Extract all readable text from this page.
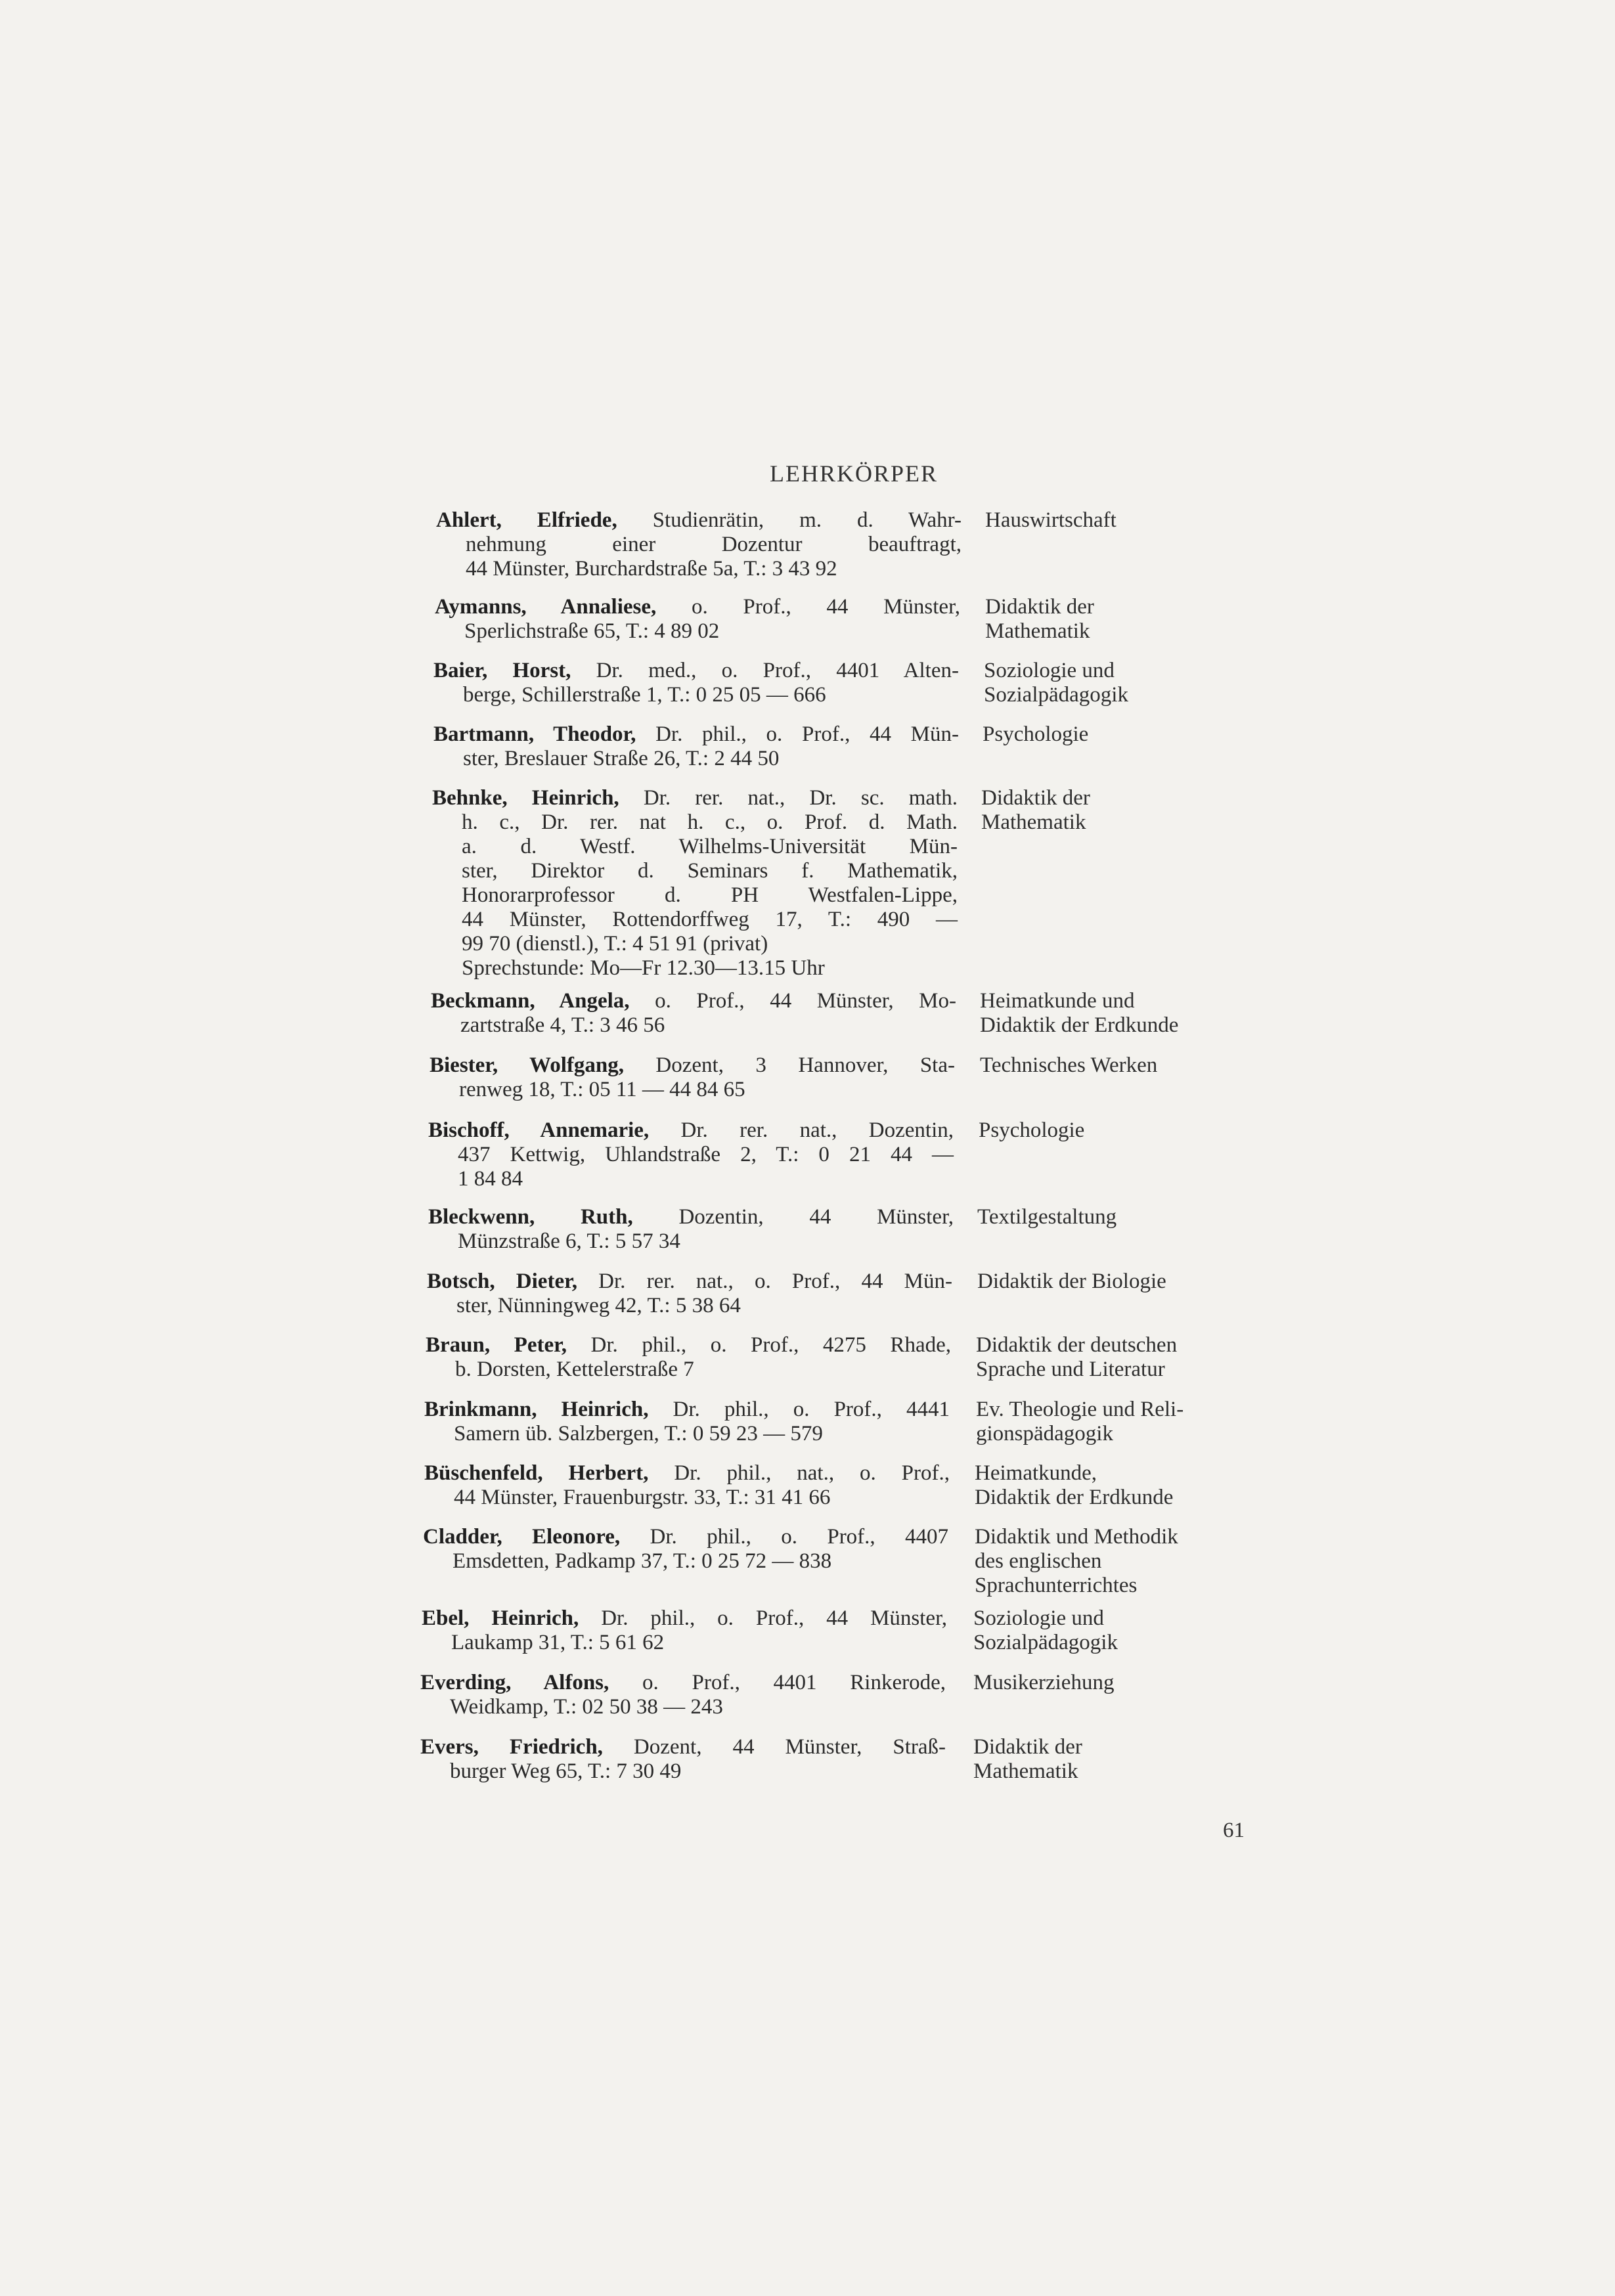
LEHRKÖRPER
Ahlert, Elfriede, Studienrätin, m. d. Wahr-
nehmung einer Dozentur beauftragt,
44 Münster, Burchardstraße 5a, T.: 3 43 92
Hauswirtschaft
Aymanns, Annaliese, o. Prof., 44 Münster,
Sperlichstraße 65, T.: 4 89 02
Didaktik der
Mathematik
Baier, Horst, Dr. med., o. Prof., 4401 Alten-
berge, Schillerstraße 1, T.: 0 25 05 — 666
Soziologie und
Sozialpädagogik
Bartmann, Theodor, Dr. phil., o. Prof., 44 Mün-
ster, Breslauer Straße 26, T.: 2 44 50
Psychologie
Behnke, Heinrich, Dr. rer. nat., Dr. sc. math.
h. c., Dr. rer. nat h. c., o. Prof. d. Math.
a. d. Westf. Wilhelms-Universität Mün-
ster, Direktor d. Seminars f. Mathematik,
Honorarprofessor d. PH Westfalen-Lippe,
44 Münster, Rottendorffweg 17, T.: 490 —
99 70 (dienstl.), T.: 4 51 91 (privat)
Sprechstunde: Mo—Fr 12.30—13.15 Uhr
Didaktik der
Mathematik
Beckmann, Angela, o. Prof., 44 Münster, Mo-
zartstraße 4, T.: 3 46 56
Heimatkunde und
Didaktik der Erdkunde
Biester, Wolfgang, Dozent, 3 Hannover, Sta-
renweg 18, T.: 05 11 — 44 84 65
Technisches Werken
Bischoff, Annemarie, Dr. rer. nat., Dozentin,
437 Kettwig, Uhlandstraße 2, T.: 0 21 44 —
1 84 84
Psychologie
Bleckwenn, Ruth, Dozentin, 44 Münster,
Münzstraße 6, T.: 5 57 34
Textilgestaltung
Botsch, Dieter, Dr. rer. nat., o. Prof., 44 Mün-
ster, Nünningweg 42, T.: 5 38 64
Didaktik der Biologie
Braun, Peter, Dr. phil., o. Prof., 4275 Rhade,
b. Dorsten, Kettelerstraße 7
Didaktik der deutschen
Sprache und Literatur
Brinkmann, Heinrich, Dr. phil., o. Prof., 4441
Samern üb. Salzbergen, T.: 0 59 23 — 579
Ev. Theologie und Reli-
gionspädagogik
Büschenfeld, Herbert, Dr. phil., nat., o. Prof.,
44 Münster, Frauenburgstr. 33, T.: 31 41 66
Heimatkunde,
Didaktik der Erdkunde
Cladder, Eleonore, Dr. phil., o. Prof., 4407
Emsdetten, Padkamp 37, T.: 0 25 72 — 838
Didaktik und Methodik
des englischen
Sprachunterrichtes
Ebel, Heinrich, Dr. phil., o. Prof., 44 Münster,
Laukamp 31, T.: 5 61 62
Soziologie und
Sozialpädagogik
Everding, Alfons, o. Prof., 4401 Rinkerode,
Weidkamp, T.: 02 50 38 — 243
Musikerziehung
Evers, Friedrich, Dozent, 44 Münster, Straß-
burger Weg 65, T.: 7 30 49
Didaktik der
Mathematik
61
